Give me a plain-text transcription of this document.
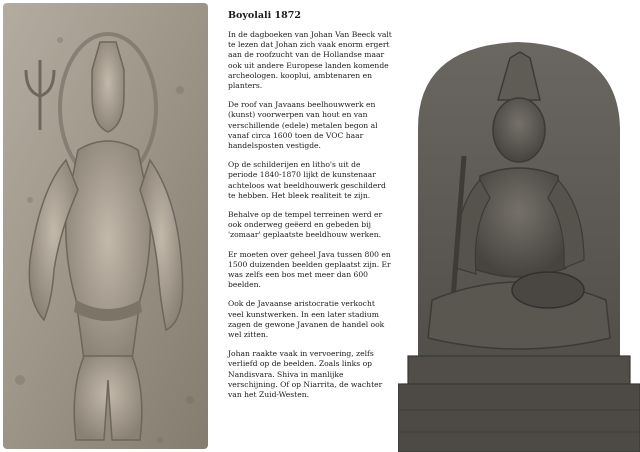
Boyolali 1872

In de dagboeken van Johan Van Beeck valt te lezen dat Johan zich vaak enorm ergert aan de roofzucht van de Hollandse maar ook uit andere Europese landen komende archeologen. kooplui, ambtenaren en planters.

De roof van Javaans beelhouwwerk en (kunst) voorwerpen van hout en van verschillende (edele) metalen begon al vanaf circa 1600 toen de VOC haar handelsposten vestigde.

Op de schilderijen en litho's uit de periode 1840-1870 lijkt de kunstenaar achteloos wat beeldhouwerk geschilderd te hebben. Het bleek realiteit te zijn.

Behalve op de tempel terreinen werd er ook onderweg geëerd en gebeden bij 'zomaar' geplaatste beeldhouw werken.

Er moeten over geheel Java tussen 800 en 1500 duizenden beelden geplaatst zijn. Er was zelfs een bos met meer dan 600 beelden.

Ook de Javaanse aristocratie verkocht veel kunstwerken. In een later stadium zagen de gewone Javanen de handel ook wel zitten.

Johan raakte vaak in vervoering, zelfs verliefd op de beelden. Zoals links op Nandisvara. Shiva in manlijke verschijning. Of op Niarrita, de wachter van het Zuid-Westen.
